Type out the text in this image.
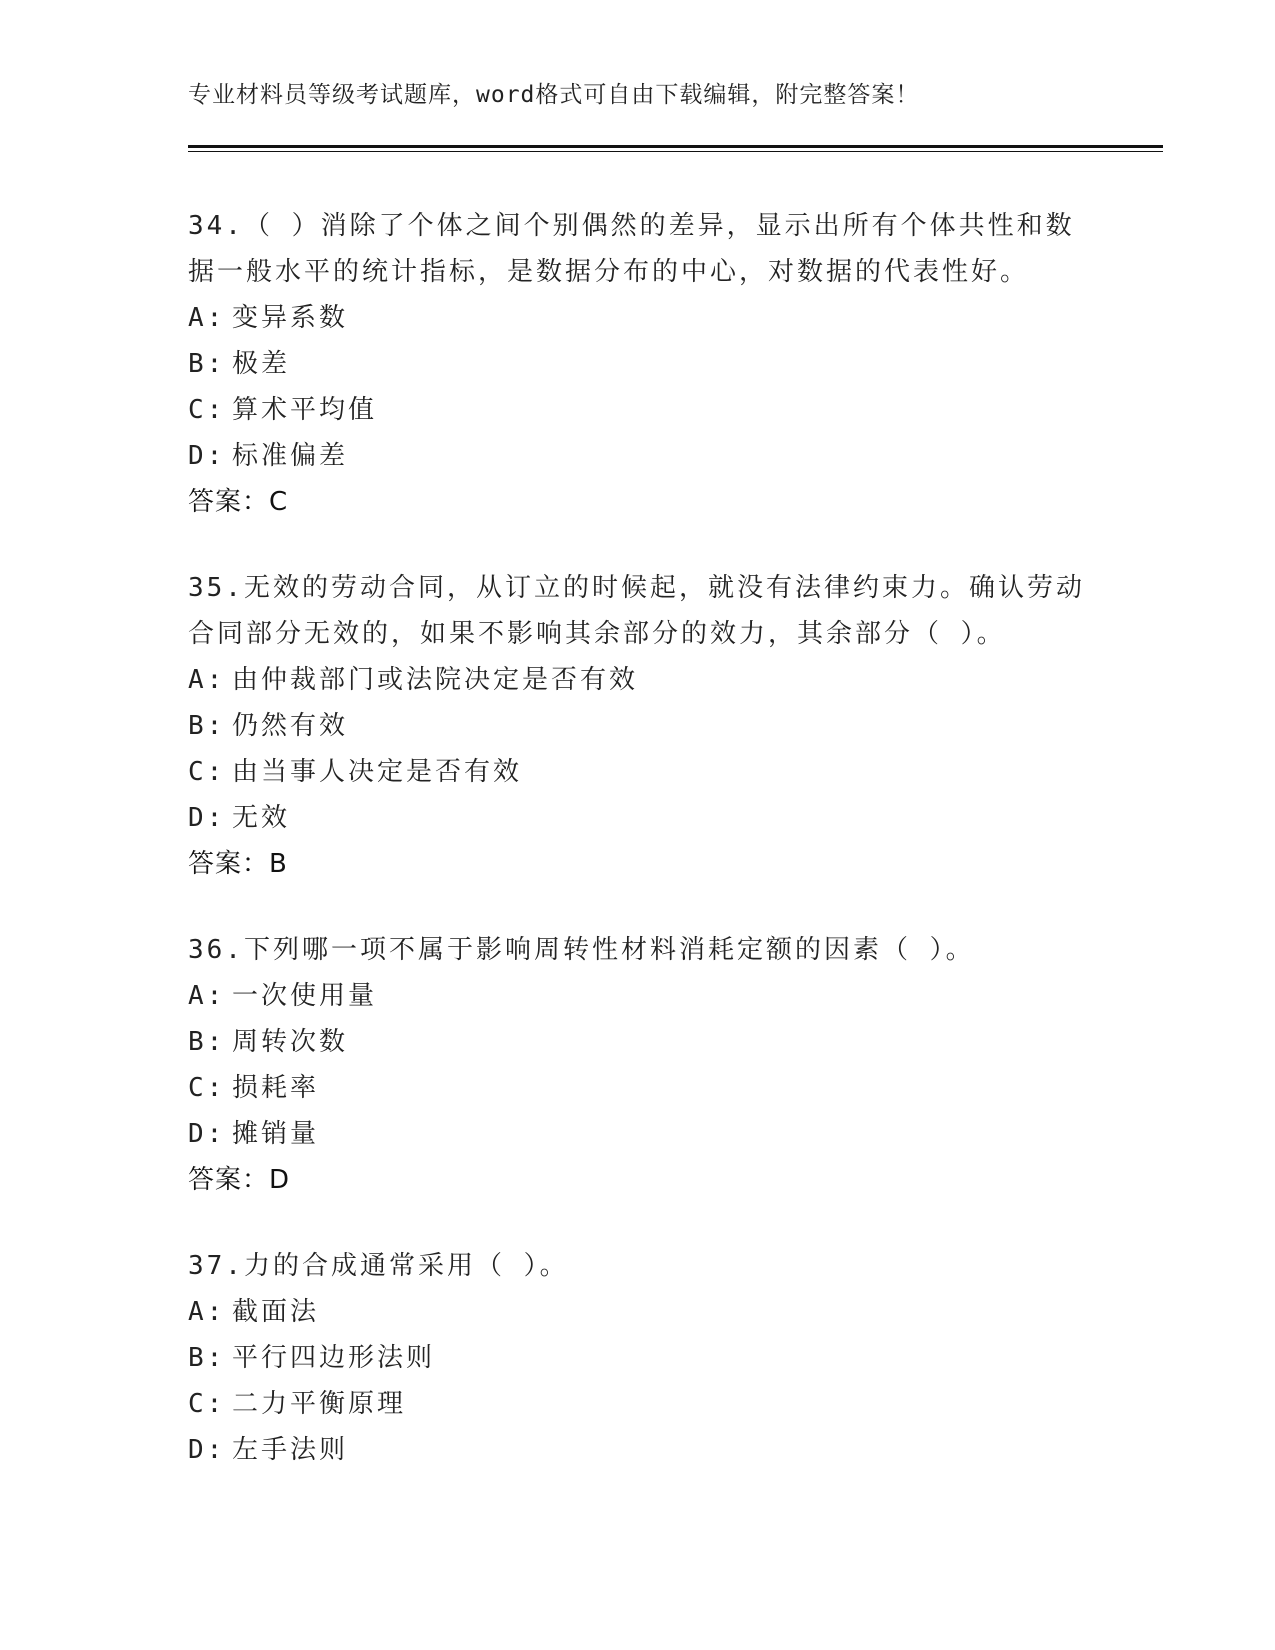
专业材料员等级考试题库，word格式可自由下载编辑，附完整答案！

34.（ ）消除了个体之间个别偶然的差异，显示出所有个体共性和数据一般水平的统计指标，是数据分布的中心，对数据的代表性好。

A: 变异系数
B: 极差
C: 算术平均值
D: 标准偏差
答案：C

35.无效的劳动合同，从订立的时候起，就没有法律约束力。确认劳动合同部分无效的，如果不影响其余部分的效力，其余部分（ ）。

A: 由仲裁部门或法院决定是否有效
B: 仍然有效
C: 由当事人决定是否有效
D: 无效
答案：B

36.下列哪一项不属于影响周转性材料消耗定额的因素（ ）。

A: 一次使用量
B: 周转次数
C: 损耗率
D: 摊销量
答案：D

37.力的合成通常采用（ ）。

A: 截面法
B: 平行四边形法则
C: 二力平衡原理
D: 左手法则
